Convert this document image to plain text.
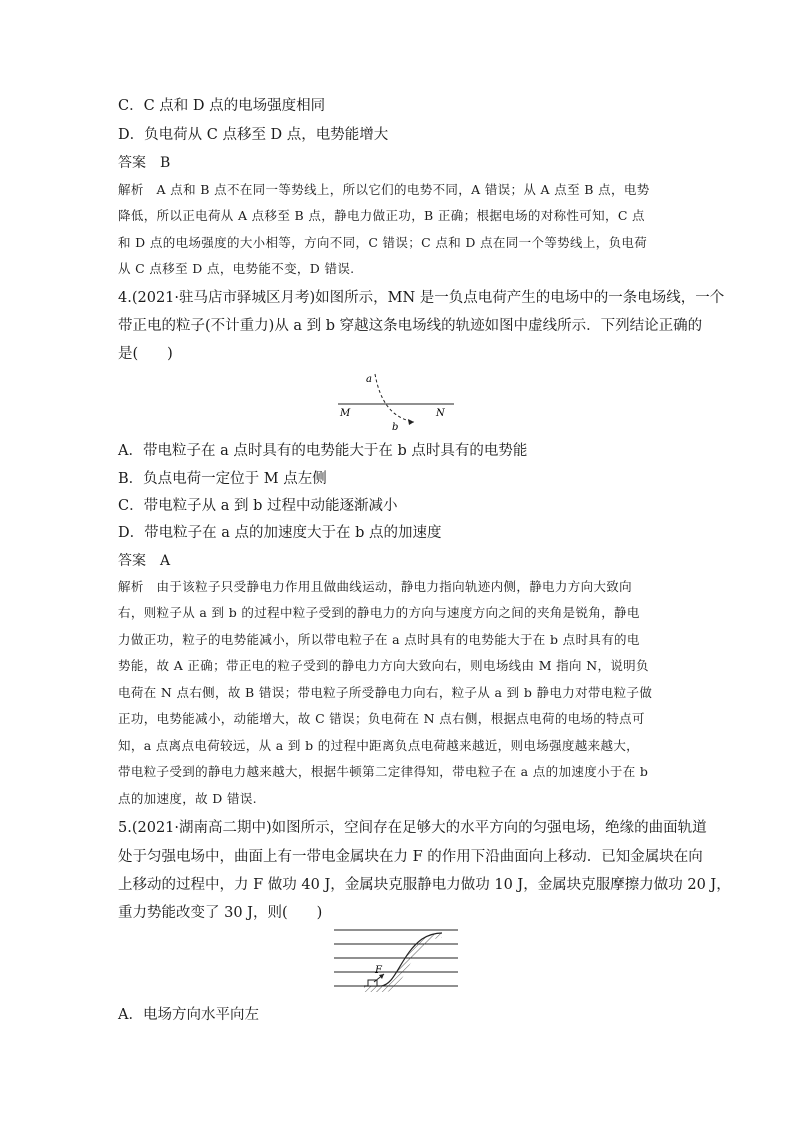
C．C 点和 D 点的电场强度相同
D．负电荷从 C 点移至 D 点，电势能增大
答案　B
解析　A 点和 B 点不在同一等势线上，所以它们的电势不同，A 错误；从 A 点至 B 点，电势
降低，所以正电荷从 A 点移至 B 点，静电力做正功，B 正确；根据电场的对称性可知，C 点
和 D 点的电场强度的大小相等，方向不同，C 错误；C 点和 D 点在同一个等势线上，负电荷
从 C 点移至 D 点，电势能不变，D 错误.
4.(2021·驻马店市驿城区月考)如图所示，MN 是一负点电荷产生的电场中的一条电场线，一个
带正电的粒子(不计重力)从 a 到 b 穿越这条电场线的轨迹如图中虚线所示．下列结论正确的
是(　　)
a
b
M	N
A．带电粒子在 a 点时具有的电势能大于在 b 点时具有的电势能
B．负点电荷一定位于 M 点左侧
C．带电粒子从 a 到 b 过程中动能逐渐减小
D．带电粒子在 a 点的加速度大于在 b 点的加速度
答案　A
解析　由于该粒子只受静电力作用且做曲线运动，静电力指向轨迹内侧，静电力方向大致向
右，则粒子从 a 到 b 的过程中粒子受到的静电力的方向与速度方向之间的夹角是锐角，静电
力做正功，粒子的电势能减小，所以带电粒子在 a 点时具有的电势能大于在 b 点时具有的电
势能，故 A 正确；带正电的粒子受到的静电力方向大致向右，则电场线由 M 指向 N，说明负
电荷在 N 点右侧，故 B 错误；带电粒子所受静电力向右，粒子从 a 到 b 静电力对带电粒子做
正功，电势能减小，动能增大，故 C 错误；负电荷在 N 点右侧，根据点电荷的电场的特点可
知，a 点离点电荷较远，从 a 到 b 的过程中距离负点电荷越来越近，则电场强度越来越大，
带电粒子受到的静电力越来越大，根据牛顿第二定律得知，带电粒子在 a 点的加速度小于在 b
点的加速度，故 D 错误.
5.(2021·湖南高二期中)如图所示，空间存在足够大的水平方向的匀强电场，绝缘的曲面轨道
处于匀强电场中，曲面上有一带电金属块在力 F 的作用下沿曲面向上移动．已知金属块在向
上移动的过程中，力 F 做功 40 J，金属块克服静电力做功 10 J，金属块克服摩擦力做功 20 J，
重力势能改变了 30 J，则(　　)
F
A．电场方向水平向左
